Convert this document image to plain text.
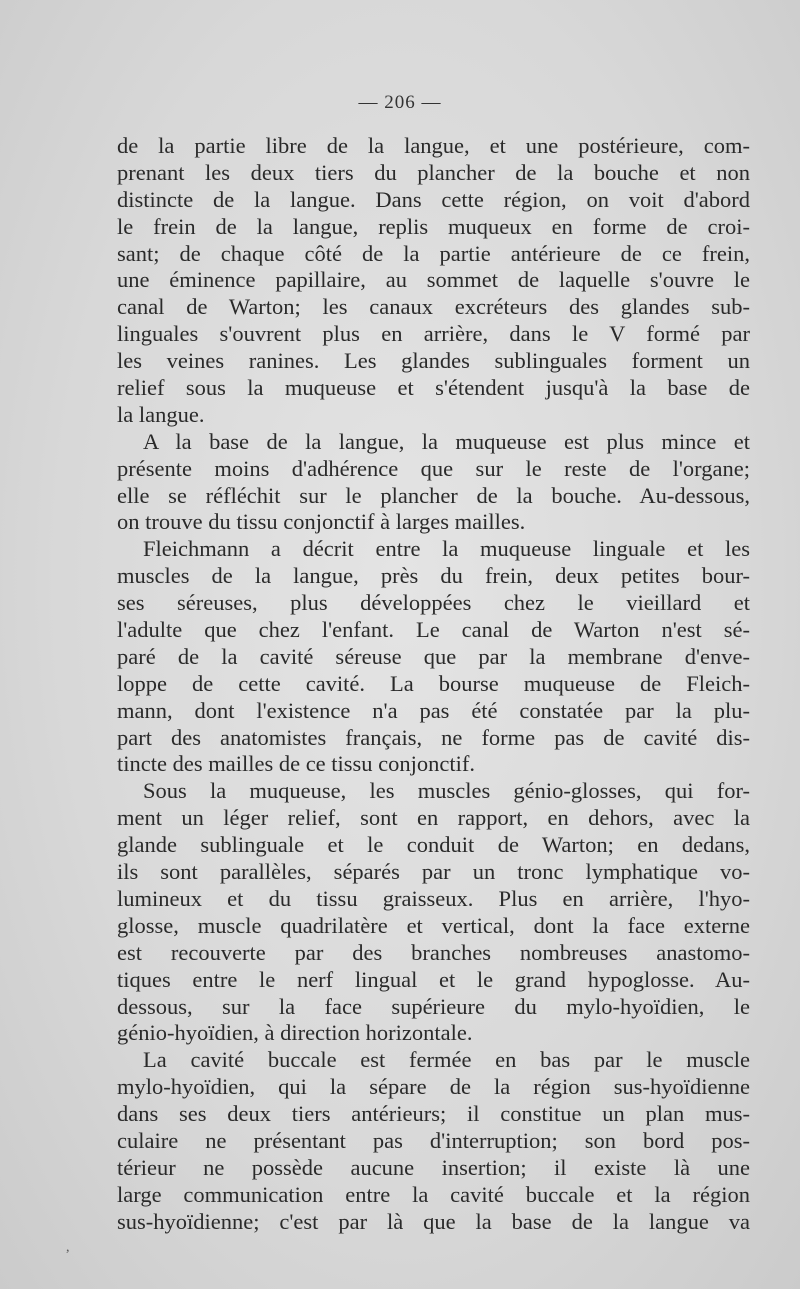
— 206 —

de la partie libre de la langue, et une postérieure, com-
prenant les deux tiers du plancher de la bouche et non
distincte de la langue. Dans cette région, on voit d'abord
le frein de la langue, replis muqueux en forme de croi-
sant; de chaque côté de la partie antérieure de ce frein,
une éminence papillaire, au sommet de laquelle s'ouvre le
canal de Warton; les canaux excréteurs des glandes sub-
linguales s'ouvrent plus en arrière, dans le V formé par
les veines ranines. Les glandes sublinguales forment un
relief sous la muqueuse et s'étendent jusqu'à la base de
la langue.

A la base de la langue, la muqueuse est plus mince et
présente moins d'adhérence que sur le reste de l'organe;
elle se réfléchit sur le plancher de la bouche. Au-dessous,
on trouve du tissu conjonctif à larges mailles.

Fleichmann a décrit entre la muqueuse linguale et les
muscles de la langue, près du frein, deux petites bour-
ses séreuses, plus développées chez le vieillard et
l'adulte que chez l'enfant. Le canal de Warton n'est sé-
paré de la cavité séreuse que par la membrane d'enve-
loppe de cette cavité. La bourse muqueuse de Fleich-
mann, dont l'existence n'a pas été constatée par la plu-
part des anatomistes français, ne forme pas de cavité dis-
tincte des mailles de ce tissu conjonctif.

Sous la muqueuse, les muscles génio-glosses, qui for-
ment un léger relief, sont en rapport, en dehors, avec la
glande sublinguale et le conduit de Warton; en dedans,
ils sont parallèles, séparés par un tronc lymphatique vo-
lumineux et du tissu graisseux. Plus en arrière, l'hyo-
glosse, muscle quadrilatère et vertical, dont la face externe
est recouverte par des branches nombreuses anastomo-
tiques entre le nerf lingual et le grand hypoglosse. Au-
dessous, sur la face supérieure du mylo-hyoïdien, le
génio-hyoïdien, à direction horizontale.

La cavité buccale est fermée en bas par le muscle
mylo-hyoïdien, qui la sépare de la région sus-hyoïdienne
dans ses deux tiers antérieurs; il constitue un plan mus-
culaire ne présentant pas d'interruption; son bord pos-
térieur ne possède aucune insertion; il existe là une
large communication entre la cavité buccale et la région
sus-hyoïdienne; c'est par là que la base de la langue va

,
